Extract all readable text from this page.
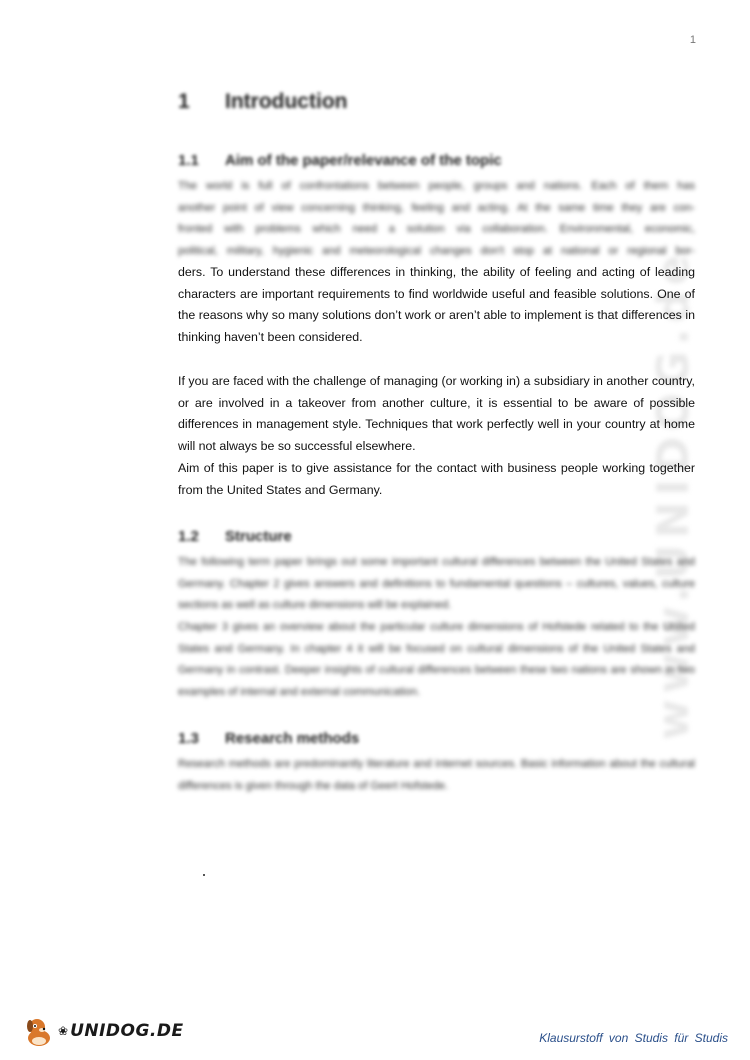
1
www.UNIDOG.de
1 Introduction
1.1 Aim of the paper/relevance of the topic

The world is full of confrontations between people, groups and nations. Each of them has

another point of view concerning thinking, feeling and acting. At the same time they are con-

fronted with problems which need a solution via collaboration. Environmental, economic,

political, military, hygienic and meteorological changes don't stop at national or regional bor-

ders. To understand these differences in thinking, the ability of feeling and acting of leading characters are important requirements to find worldwide useful and feasible solutions. One of the reasons why so many solutions don’t work or aren’t able to implement is that differences in thinking haven’t been considered.

If you are faced with the challenge of managing (or working in) a subsidiary in another country, or are involved in a takeover from another culture, it is essential to be aware of possible differences in management style. Techniques that work perfectly well in your country at home will not always be so successful elsewhere.

Aim of this paper is to give assistance for the contact with business people working together from the United States and Germany.

1.2 Structure

The following term paper brings out some important cultural differences between the United States and Germany. Chapter 2 gives answers and definitions to fundamental questions – cultures, values, culture sections as well as culture dimensions will be explained.

Chapter 3 gives an overview about the particular culture dimensions of Hofstede related to the United States and Germany. In chapter 4 it will be focused on cultural dimensions of the United States and Germany in contrast. Deeper insights of cultural differences between these two nations are shown in two examples of internal and external communication.

1.3 Research methods

Research methods are predominantly literature and internet sources. Basic information about the cultural differences is given through the data of Geert Hofstede.

❀ UNIDOG.DE	Klausurstoff von Studis für Studis
